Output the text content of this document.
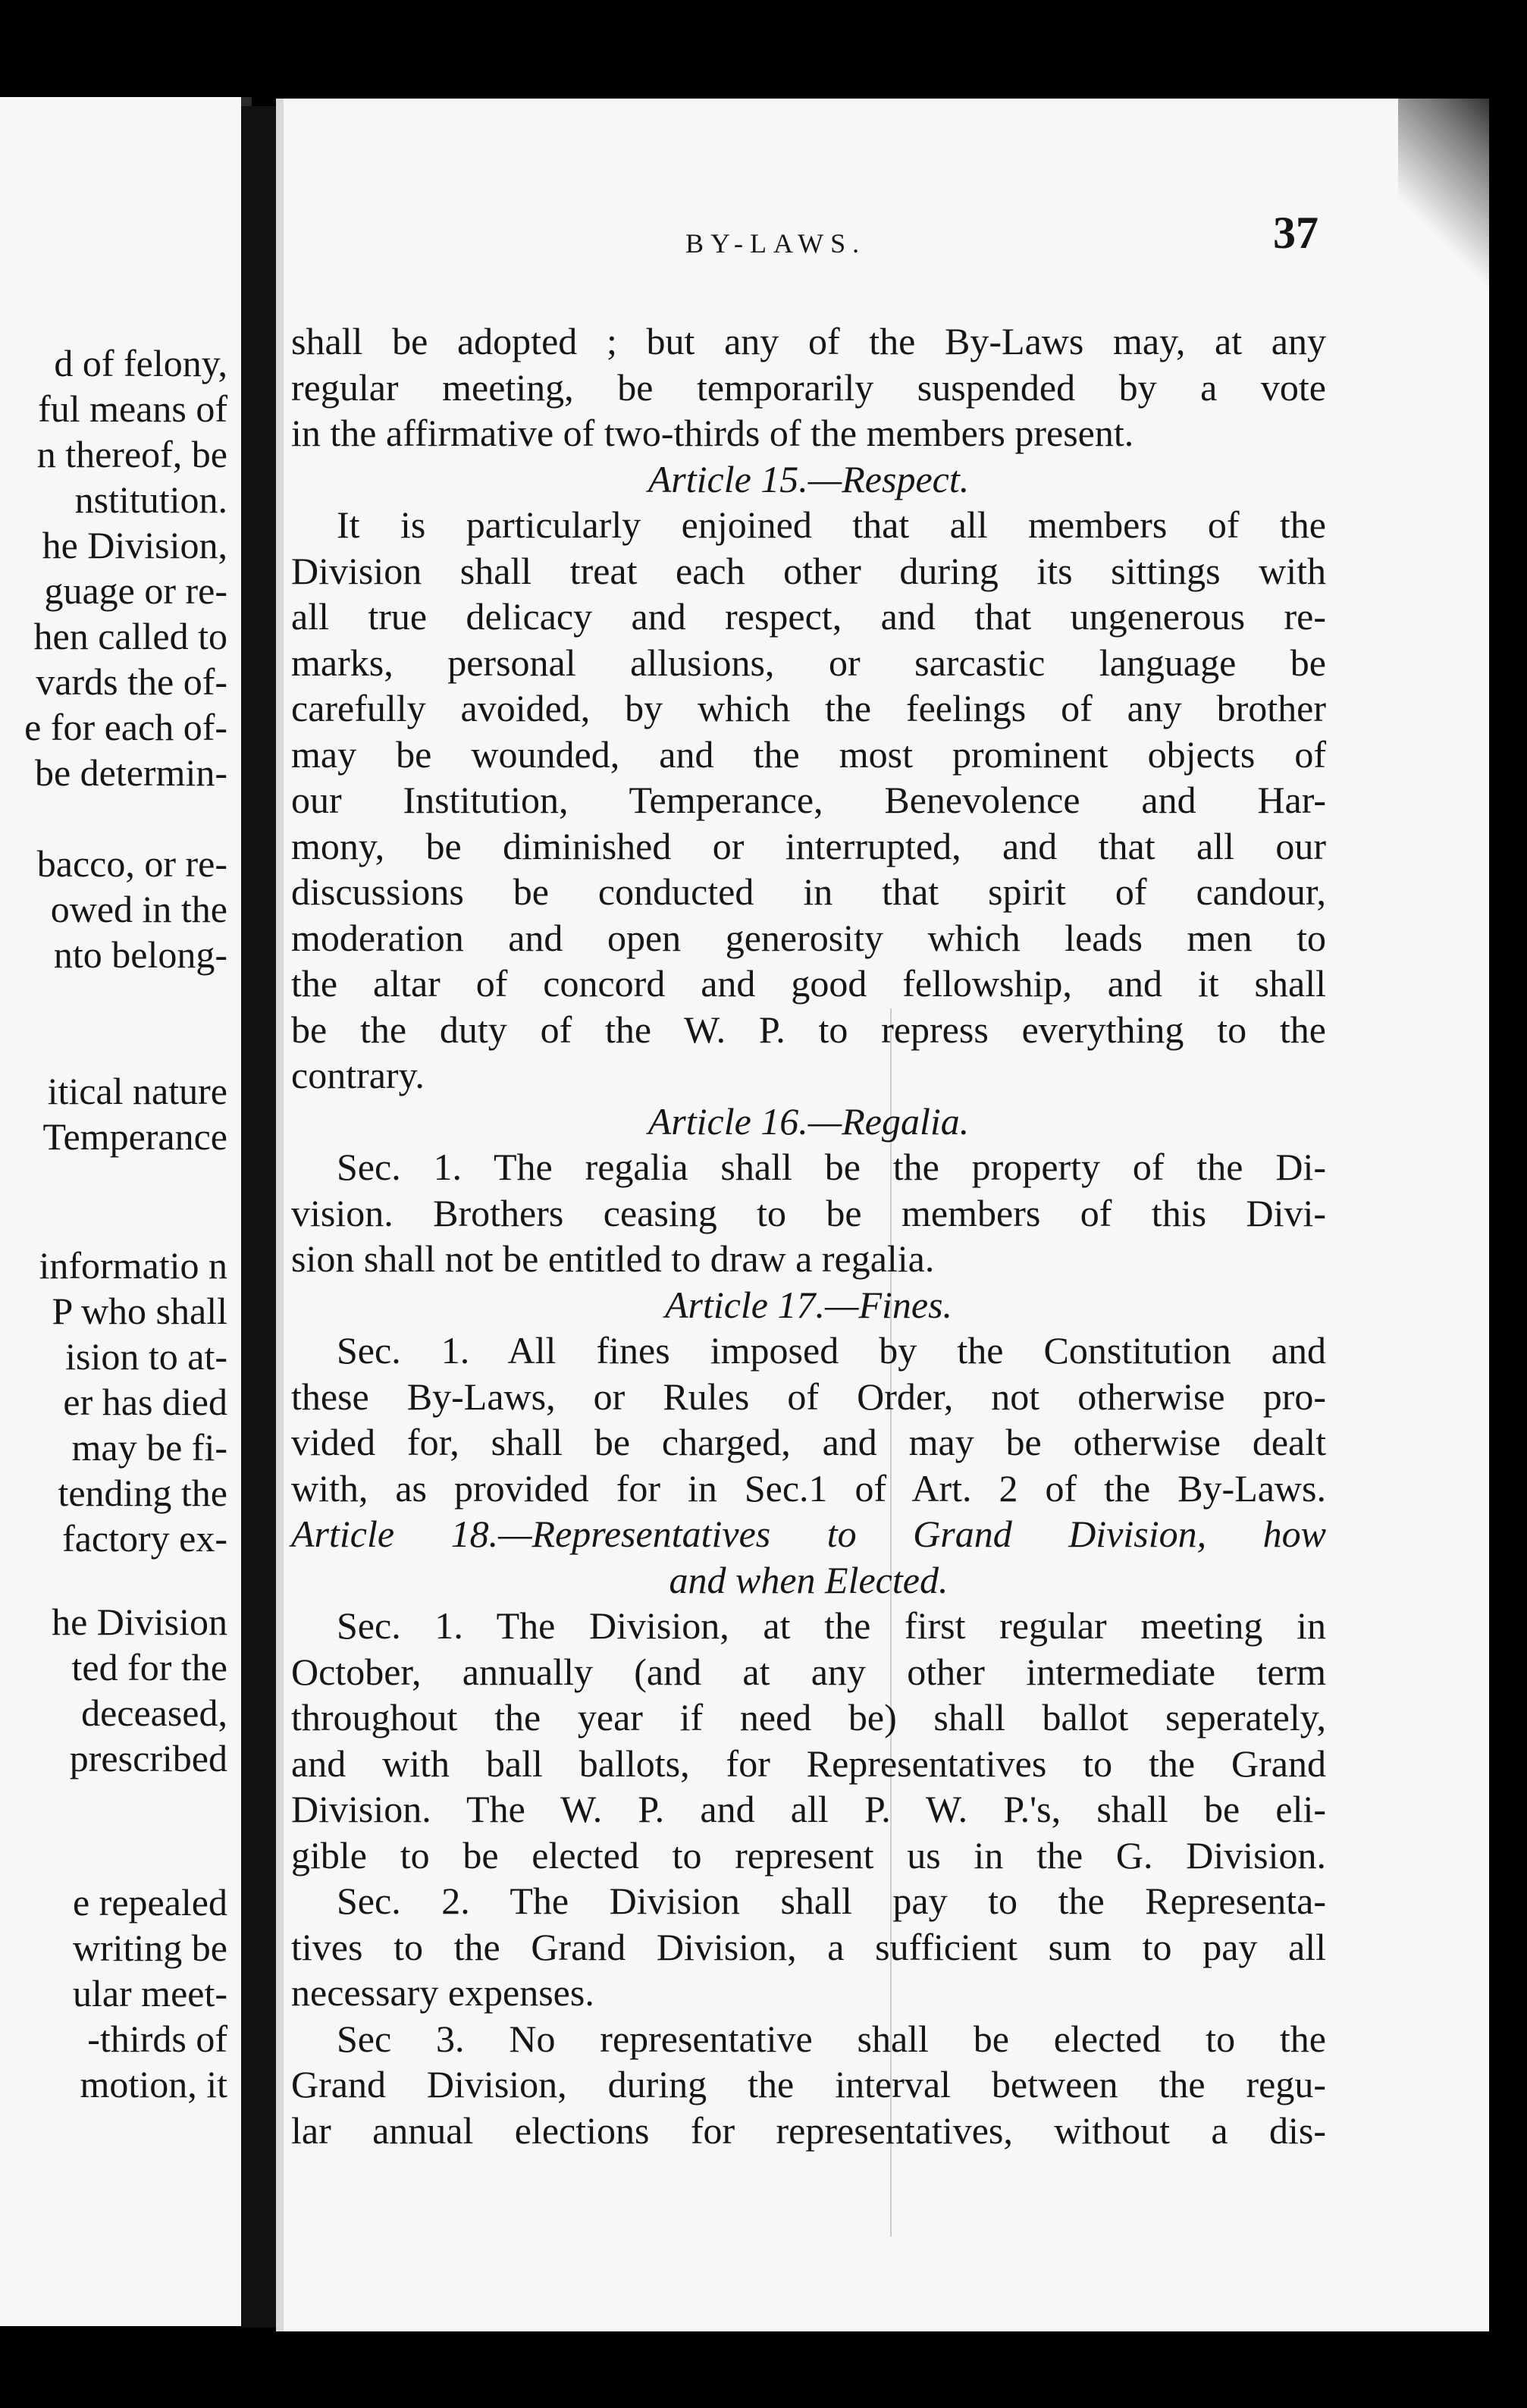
d of felony,
ful means of
n thereof, be
nstitution.
he Division,
guage or re-
hen called to
vards the of-
e for each of-
be determin-
bacco, or re-
owed in the
nto belong-
itical nature
Temperance
informatio n
P who shall
ision to at-
er has died
may be fi-
tending the
factory ex-
he Division
ted for the
deceased,
prescribed
e repealed
writing be
ular meet-
-thirds of
motion, it
BY-LAWS.	37
shall be adopted ; but any of the By-Laws may, at any
regular meeting, be temporarily suspended by a vote
in the affirmative of two-thirds of the members present.
Article 15.—Respect.
It is particularly enjoined that all members of the
Division shall treat each other during its sittings with
all true delicacy and respect, and that ungenerous re-
marks, personal allusions, or sarcastic language be
carefully avoided, by which the feelings of any brother
may be wounded, and the most prominent objects of
our Institution, Temperance, Benevolence and Har-
mony, be diminished or interrupted, and that all our
discussions be conducted in that spirit of candour,
moderation and open generosity which leads men to
the altar of concord and good fellowship, and it shall
be the duty of the W. P. to repress everything to the
contrary.
Article 16.—Regalia.
Sec. 1. The regalia shall be the property of the Di-
vision. Brothers ceasing to be members of this Divi-
sion shall not be entitled to draw a regalia.
Article 17.—Fines.
Sec. 1. All fines imposed by the Constitution and
these By-Laws, or Rules of Order, not otherwise pro-
vided for, shall be charged, and may be otherwise dealt
with, as provided for in Sec.1 of Art. 2 of the By-Laws.
Article 18.—Representatives to Grand Division, how
and when Elected.
Sec. 1. The Division, at the first regular meeting in
October, annually (and at any other intermediate term
throughout the year if need be) shall ballot seperately,
and with ball ballots, for Representatives to the Grand
Division. The W. P. and all P. W. P.'s, shall be eli-
gible to be elected to represent us in the G. Division.
Sec. 2. The Division shall pay to the Representa-
tives to the Grand Division, a sufficient sum to pay all
necessary expenses.
Sec 3. No representative shall be elected to the
Grand Division, during the interval between the regu-
lar annual elections for representatives, without a dis-
